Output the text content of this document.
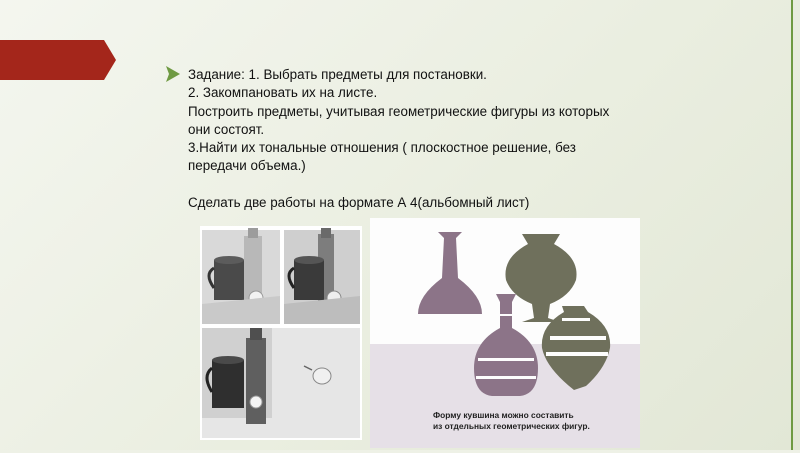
Задание: 1. Выбрать предметы для постановки.

2. Закомпановать их на листе.

Построить предметы, учитывая геометрические фигуры из которых

они состоят.

3.Найти их тональные отношения ( плоскостное решение, без

передачи объема.)

Сделать две работы на формате А 4(альбомный лист)

Форму кувшина можно составить
из отдельных геометрических фигур.
